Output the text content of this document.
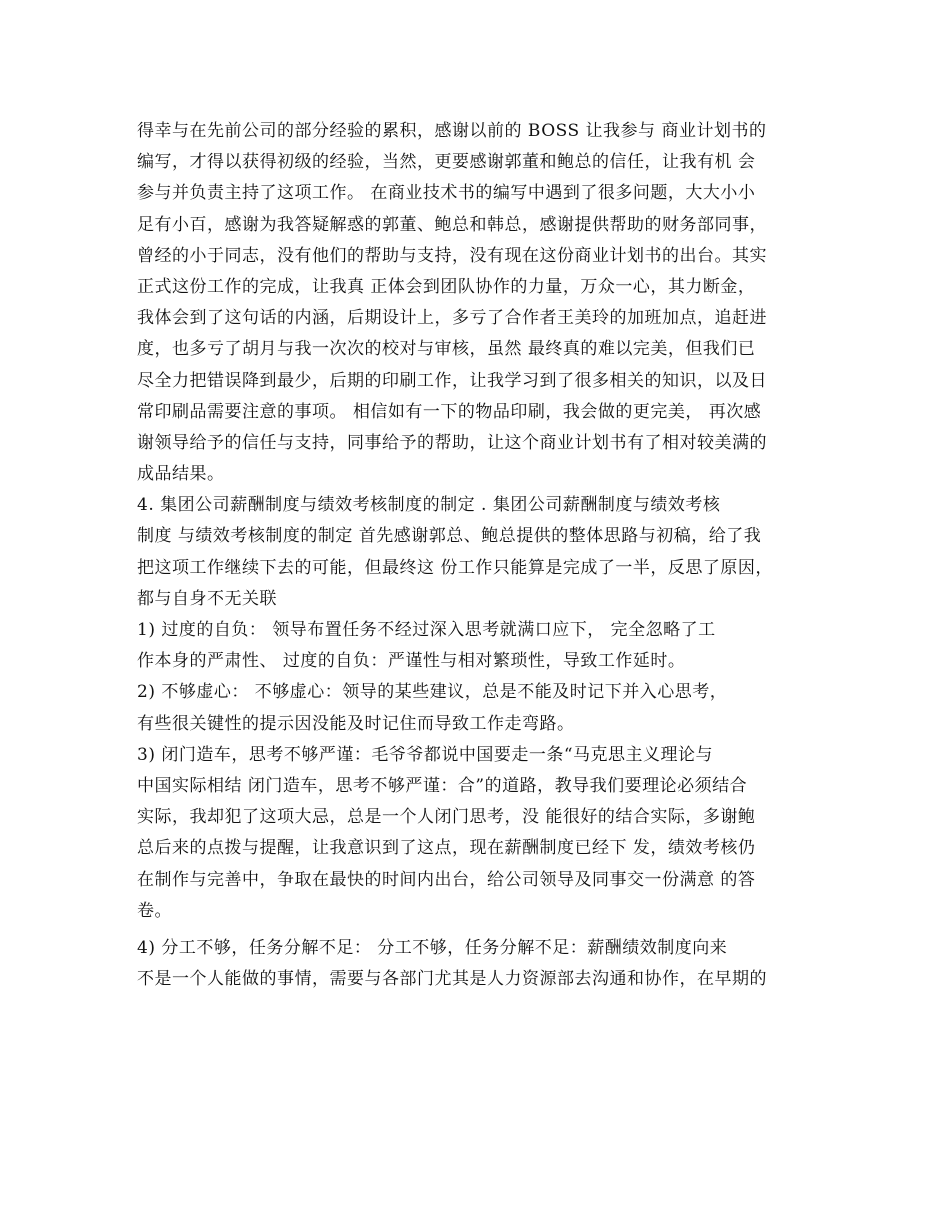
得幸与在先前公司的部分经验的累积，感谢以前的 BOSS 让我参与 商业计划书的
编写，才得以获得初级的经验，当然，更要感谢郭董和鲍总的信任，让我有机 会
参与并负责主持了这项工作。 在商业技术书的编写中遇到了很多问题，大大小小
足有小百，感谢为我答疑解惑的郭董、鲍总和韩总，感谢提供帮助的财务部同事，
曾经的小于同志，没有他们的帮助与支持，没有现在这份商业计划书的出台。其实
正式这份工作的完成，让我真 正体会到团队协作的力量，万众一心，其力断金，
我体会到了这句话的内涵，后期设计上，多亏了合作者王美玲的加班加点，追赶进
度，也多亏了胡月与我一次次的校对与审核，虽然 最终真的难以完美，但我们已
尽全力把错误降到最少，后期的印刷工作，让我学习到了很多相关的知识，以及日
常印刷品需要注意的事项。 相信如有一下的物品印刷，我会做的更完美， 再次感
谢领导给予的信任与支持，同事给予的帮助，让这个商业计划书有了相对较美满的
成品结果。
4. 集团公司薪酬制度与绩效考核制度的制定 . 集团公司薪酬制度与绩效考核
制度 与绩效考核制度的制定 首先感谢郭总、鲍总提供的整体思路与初稿，给了我
把这项工作继续下去的可能，但最终这 份工作只能算是完成了一半，反思了原因，
都与自身不无关联
1) 过度的自负： 领导布置任务不经过深入思考就满口应下， 完全忽略了工
作本身的严肃性、 过度的自负：严谨性与相对繁琐性，导致工作延时。
2) 不够虚心： 不够虚心：领导的某些建议，总是不能及时记下并入心思考，
有些很关键性的提示因没能及时记住而导致工作走弯路。
3) 闭门造车，思考不够严谨：毛爷爷都说中国要走一条“马克思主义理论与
中国实际相结 闭门造车，思考不够严谨：合”的道路，教导我们要理论必须结合
实际，我却犯了这项大忌，总是一个人闭门思考，没 能很好的结合实际，多谢鲍
总后来的点拨与提醒，让我意识到了这点，现在薪酬制度已经下 发，绩效考核仍
在制作与完善中，争取在最快的时间内出台，给公司领导及同事交一份满意 的答
卷。
4) 分工不够，任务分解不足： 分工不够，任务分解不足：薪酬绩效制度向来
不是一个人能做的事情，需要与各部门尤其是人力资源部去沟通和协作，在早期的
